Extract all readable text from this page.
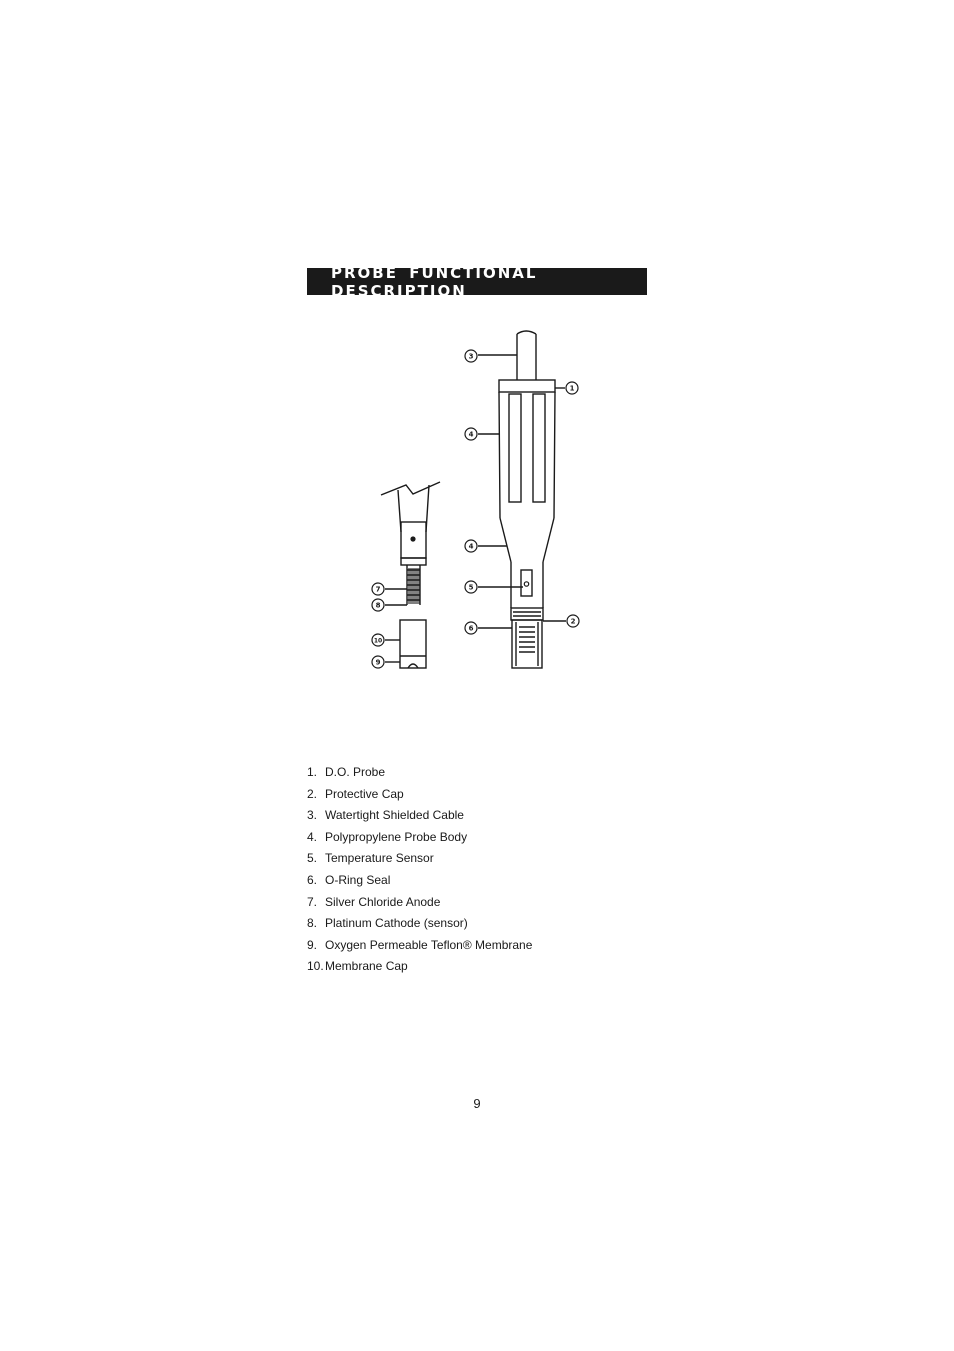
PROBE FUNCTIONAL DESCRIPTION
3
1
4
4
5
2
6
7
8
10
9
1. D.O. Probe
2. Protective Cap
3. Watertight Shielded Cable
4. Polypropylene Probe Body
5. Temperature Sensor
6. O-Ring Seal
7. Silver Chloride Anode
8. Platinum Cathode (sensor)
9. Oxygen Permeable Teflon® Membrane
10.Membrane Cap
9
